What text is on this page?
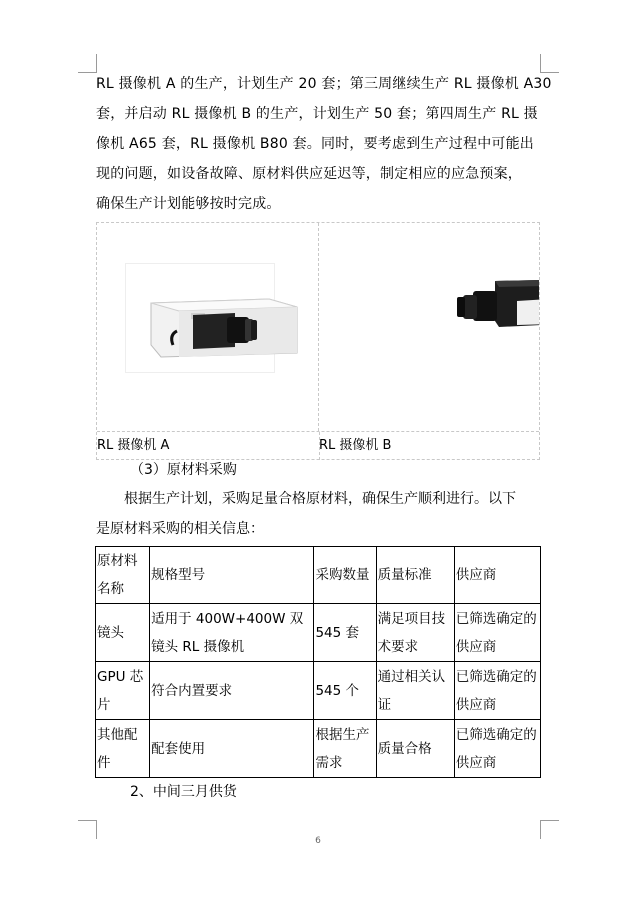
RL 摄像机 A 的生产，计划生产 20 套；第三周继续生产 RL 摄像机 A30
套，并启动 RL 摄像机 B 的生产，计划生产 50 套；第四周生产 RL 摄
像机 A65 套，RL 摄像机 B80 套。同时，要考虑到生产过程中可能出
现的问题，如设备故障、原材料供应延迟等，制定相应的应急预案，
确保生产计划能够按时完成。
RL 摄像机 A	RL 摄像机 B
（3）原材料采购
　　根据生产计划，采购足量合格原材料，确保生产顺利进行。以下
是原材料采购的相关信息：
原材料名称	规格型号	采购数量	质量标准	供应商
镜头	适用于 400W+400W 双镜头 RL 摄像机	545 套	满足项目技术要求	已筛选确定的供应商
GPU 芯片	符合内置要求	545 个	通过相关认证	已筛选确定的供应商
其他配件	配套使用	根据生产需求	质量合格	已筛选确定的供应商
2、中间三月供货
6
